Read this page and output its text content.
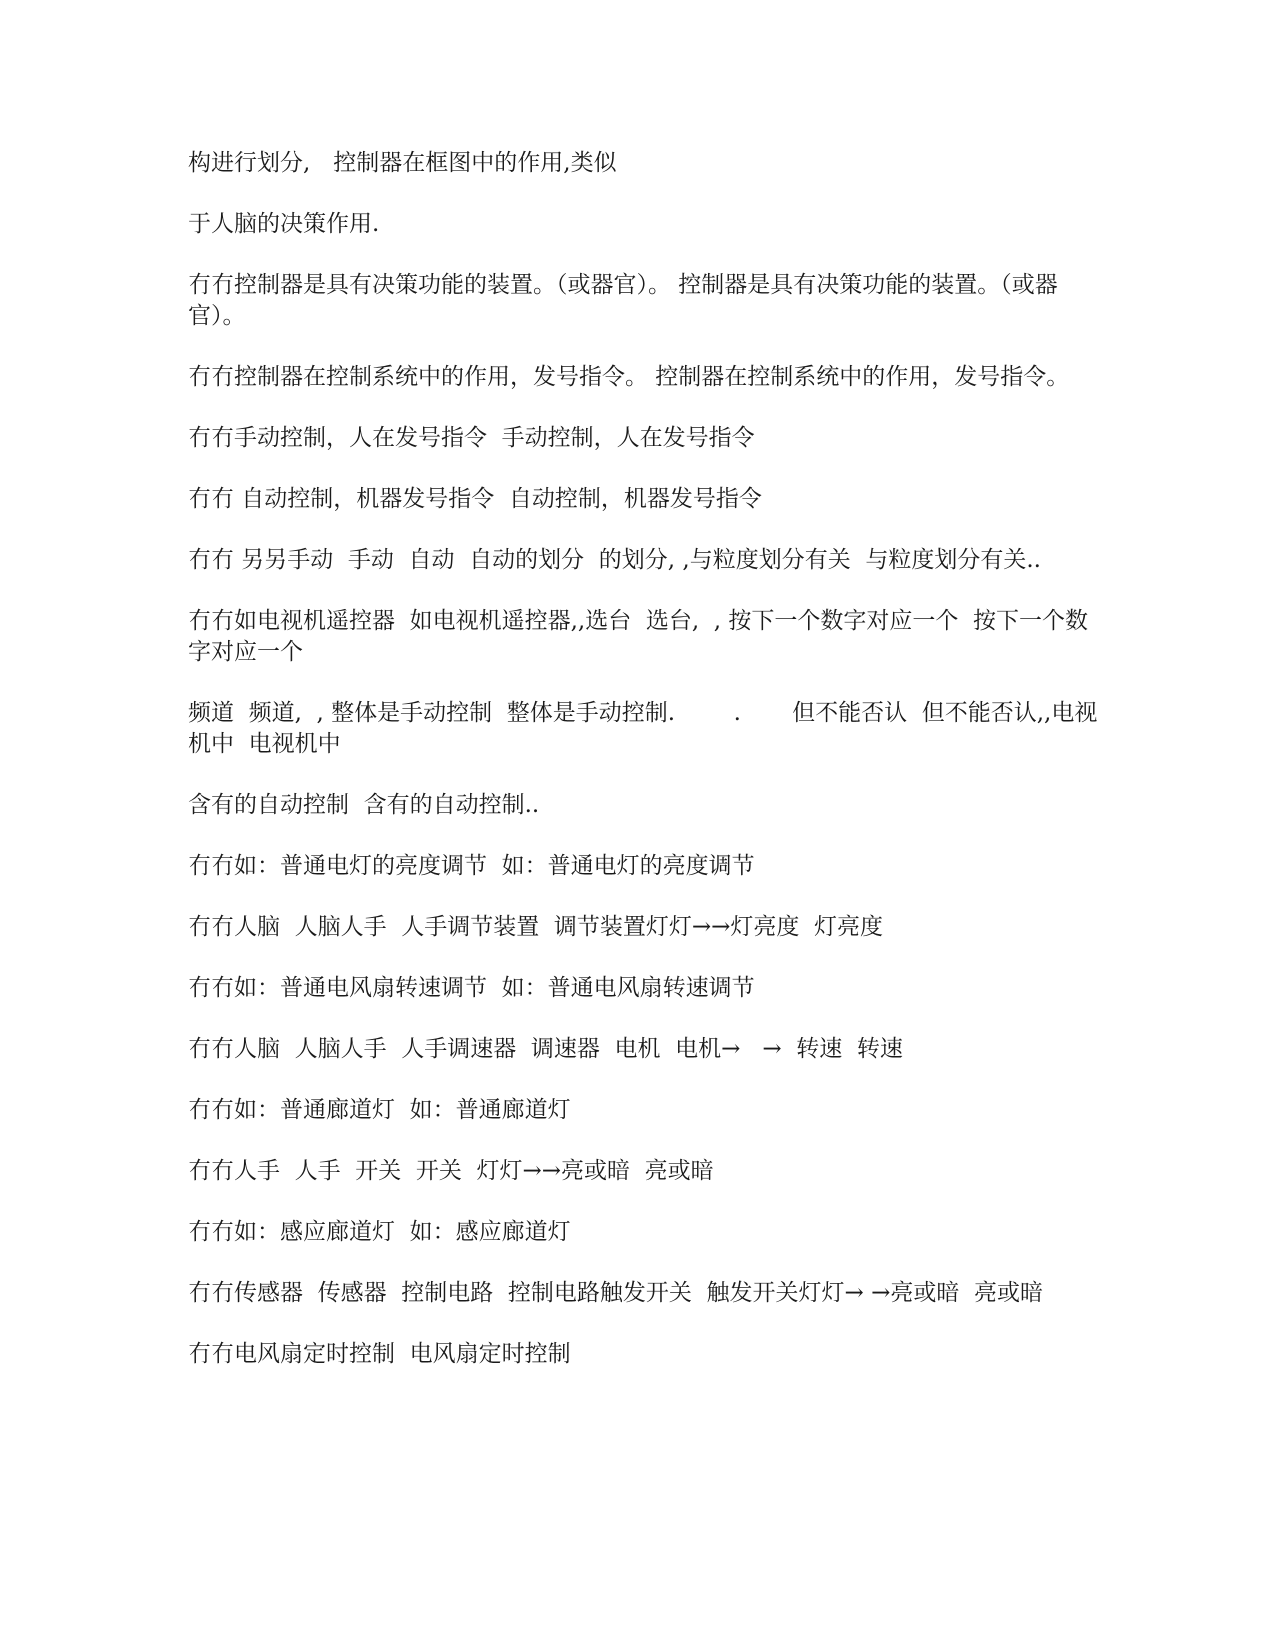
构进行划分,　控制器在框图中的作用,类似

于人脑的决策作用.

冇冇控制器是具有决策功能的装置。（或器官）。 控制器是具有决策功能的装置。（或器官）。

冇冇控制器在控制系统中的作用，发号指令。 控制器在控制系统中的作用，发号指令。

冇冇手动控制，人在发号指令  手动控制，人在发号指令

冇冇 自动控制，机器发号指令  自动控制，机器发号指令

冇冇 另另手动  手动  自动  自动的划分  的划分, ,与粒度划分有关  与粒度划分有关..

冇冇如电视机遥控器  如电视机遥控器,,选台  选台,  , 按下一个数字对应一个  按下一个数字对应一个

频道  频道,  , 整体是手动控制  整体是手动控制.        .       但不能否认  但不能否认,,电视机中  电视机中

含有的自动控制  含有的自动控制..

冇冇如：普通电灯的亮度调节  如：普通电灯的亮度调节

冇冇人脑  人脑人手  人手调节装置  调节装置灯灯→→灯亮度  灯亮度

冇冇如：普通电风扇转速调节  如：普通电风扇转速调节

冇冇人脑  人脑人手  人手调速器  调速器  电机  电机→   →  转速  转速

冇冇如：普通廊道灯  如：普通廊道灯

冇冇人手  人手  开关  开关  灯灯→→亮或暗  亮或暗

冇冇如：感应廊道灯  如：感应廊道灯

冇冇传感器  传感器  控制电路  控制电路触发开关  触发开关灯灯→ →亮或暗  亮或暗

冇冇电风扇定时控制  电风扇定时控制
